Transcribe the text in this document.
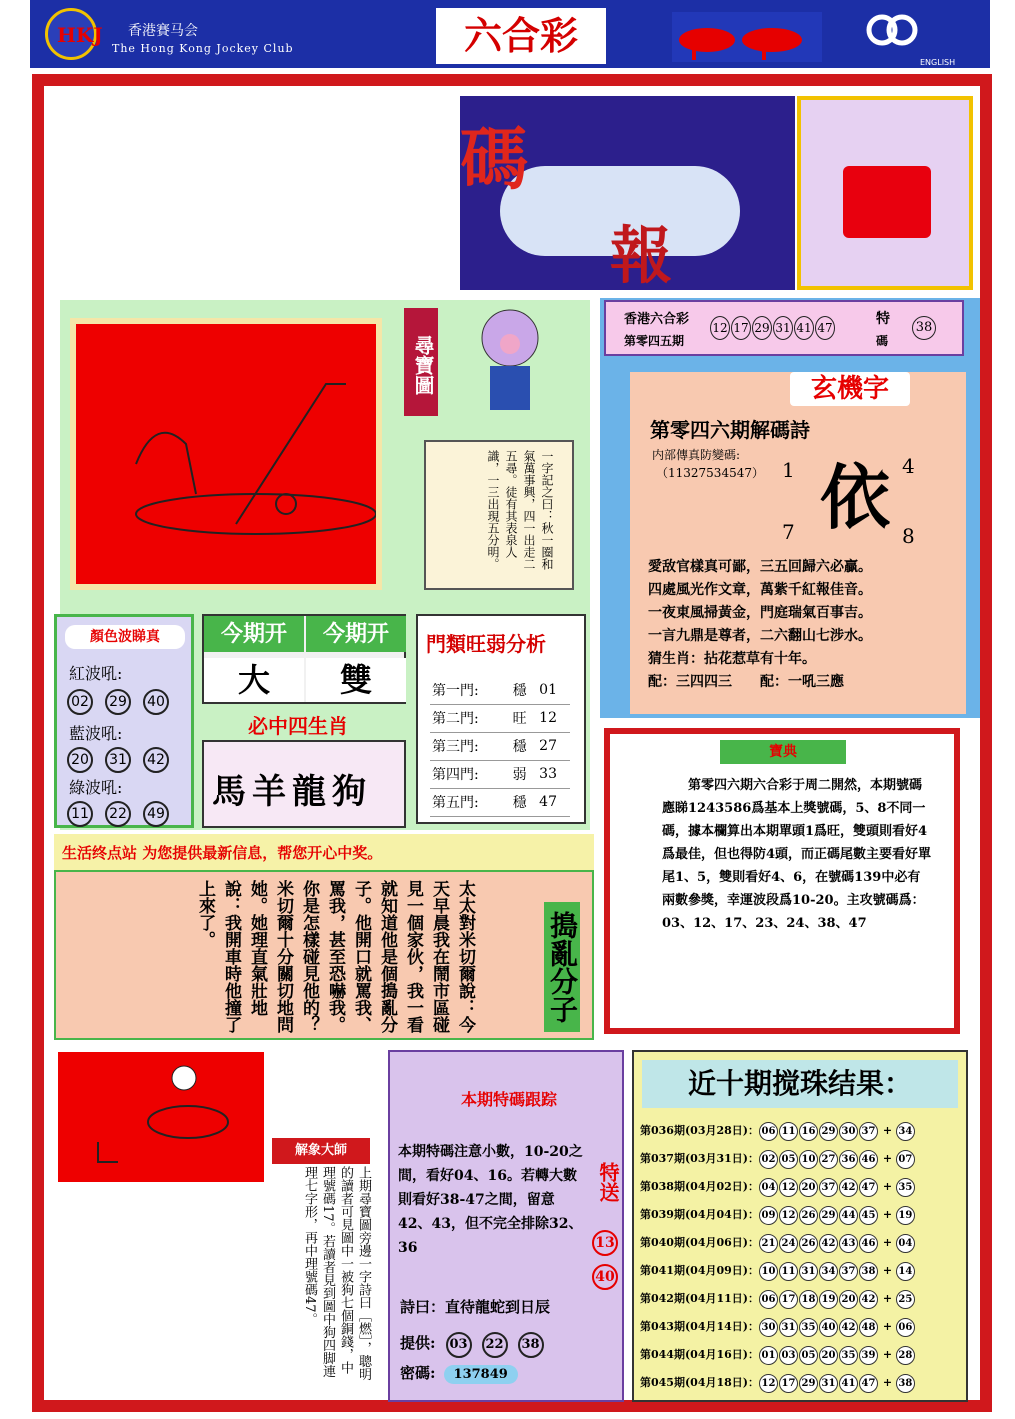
HKJ 香港賽马会
The Hong Kong Jockey Club	六合彩
ENGLISH
碼
報
尋寶圖

一字記之曰：秋一圈和氣萬事興，四一出走二五尋。徒有其表泉人識，一三出現五分明。

顏色波睇真
紅波吼:
02 29 40
藍波吼:
20 31 42
綠波吼:
11 22 49
今期开	今期开
大	雙
必中四生肖
馬羊龍狗
門類旺弱分析
第一門:	穩	01
第二門:	旺	12
第三門:	穩	27
第四門:	弱	33
第五門:	穩	47
香港六合彩
第零四五期
12 17 29 31 41 47
特
碼
38
玄機字
第零四六期解碼詩
内部傳真防變碼:
（11327534547） 依
1	4
7	8
愛敌官樣真可鄙，三五回歸六必贏。
四處風光作文章，萬紫千紅報佳音。
一夜東風掃黃金，門庭瑞氣百事吉。
一言九鼎是尊者，二六翻山七涉水。
猜生肖：拈花惹草有十年。
配：三四四三　　配：一吼三應
寶典
第零四六期六合彩于周二開然，本期號碼應睇1243586爲基本上獎號碼，5、8不同一碼，據本欄算出本期單頭1爲旺，雙頭則看好4爲最佳，但也得防4頭，而正碼尾數主要看好單尾1、5，雙則看好4、6，在號碼139中必有兩數參獎，幸運波段爲10-20。主攻號碼爲：03、12、17、23、24、38、47
生活终点站 为您提供最新信息，帮您开心中奖。
太太對米切爾說：今天早晨我在鬧市區碰見一個家伙，我一看就知道他是個搗亂分子。他開口就罵我、罵我，甚至恐嚇我。你是怎樣碰見他的？米切爾十分關切地問她。她理直氣壯地說：我開車時他撞了上來了。	搗亂分子
解象大師
上期尋寶圖旁邊一字詩曰［燃］，聰明的讀者可見圖中一被狗七個銅錢，中理號碼17。若讀者見到圖中狗四脚連理七字形，再中理號碼47。
本期特碼跟踪
本期特碼注意小數，10-20之間，看好04、16。若轉大數則看好38-47之間，留意42、43，但不完全排除32、36
特送
13
40
詩曰：直待龍蛇到日辰
提供: 03 22 38
密碼: 137849
近十期搅珠结果：
第036期(03月28日)： 06 11 16 29 30 37 + 34
第037期(03月31日)： 02 05 10 27 36 46 + 07
第038期(04月02日)： 04 12 20 37 42 47 + 35
第039期(04月04日)： 09 12 26 29 44 45 + 19
第040期(04月06日)： 21 24 26 42 43 46 + 04
第041期(04月09日)： 10 11 31 34 37 38 + 14
第042期(04月11日)： 06 17 18 19 20 42 + 25
第043期(04月14日)： 30 31 35 40 42 48 + 06
第044期(04月16日)： 01 03 05 20 35 39 + 28
第045期(04月18日)： 12 17 29 31 41 47 + 38
